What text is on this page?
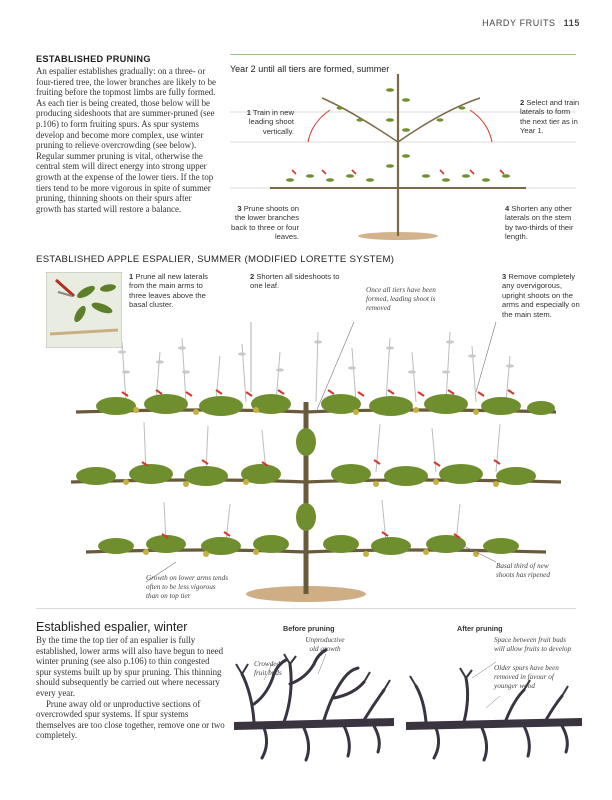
HARDY FRUITS 115
ESTABLISHED PRUNING
An espalier establishes gradually: on a three- or four-tiered tree, the lower branches are likely to be fruiting before the topmost limbs are fully formed. As each tier is being created, those below will be producing sideshoots that are summer-pruned (see p.106) to form fruiting spurs. As spur systems develop and become more complex, use winter pruning to relieve overcrowding (see below). Regular summer pruning is vital, otherwise the central stem will direct energy into strong upper growth at the expense of the lower tiers. If the top tiers tend to be more vigorous in spite of summer pruning, thinning shoots on their spurs after growth has started will restore a balance.
Year 2 until all tiers are formed, summer
1 Train in new leading shoot vertically.
2 Select and train laterals to form the next tier as in Year 1.
3 Prune shoots on the lower branches back to three or four leaves.
4 Shorten any other laterals on the stem by two-thirds of their length.
ESTABLISHED APPLE ESPALIER, SUMMER (MODIFIED LORETTE SYSTEM)
1 Prune all new laterals from the main arms to three leaves above the basal cluster.
2 Shorten all sideshoots to one leaf.
3 Remove completely any overvigorous, upright shoots on the arms and especially on the main stem.
Once all tiers have been formed, leading shoot is removed
Growth on lower arms tends often to be less vigorous than on top tier
Basal third of new shoots has ripened
Established espalier, winter
By the time the top tier of an espalier is fully established, lower arms will also have begun to need winter pruning (see also p.106) to thin congested spur systems built up by spur pruning. This thinning should subsequently be carried out where necessary every year.
Prune away old or unproductive sections of overcrowded spur systems. If spur systems themselves are too close together, remove one or two completely.
Before pruning	After pruning
Crowded fruit buds
Unproductive old growth
Space between fruit buds will allow fruits to develop
Older spurs have been removed in favour of younger wood
